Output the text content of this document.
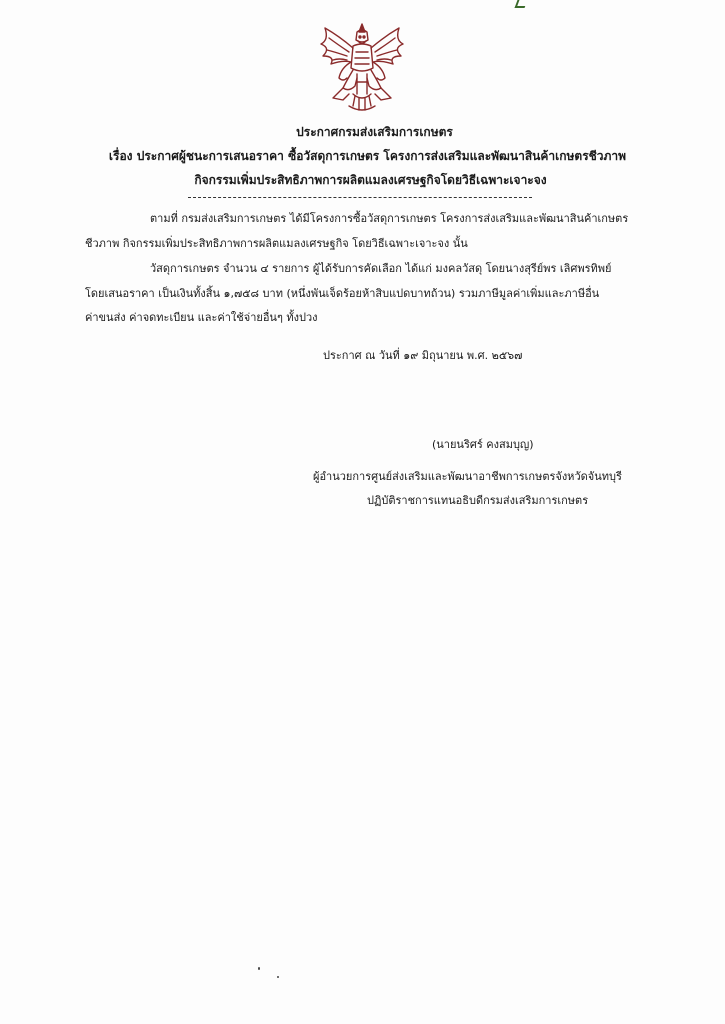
ประกาศกรมส่งเสริมการเกษตร
เรื่อง ประกาศผู้ชนะการเสนอราคา ซื้อวัสดุการเกษตร โครงการส่งเสริมและพัฒนาสินค้าเกษตรชีวภาพ
กิจกรรมเพิ่มประสิทธิภาพการผลิตแมลงเศรษฐกิจโดยวิธีเฉพาะเจาะจง
ตามที่ กรมส่งเสริมการเกษตร ได้มีโครงการซื้อวัสดุการเกษตร โครงการส่งเสริมและพัฒนาสินค้าเกษตร
ชีวภาพ กิจกรรมเพิ่มประสิทธิภาพการผลิตแมลงเศรษฐกิจ โดยวิธีเฉพาะเจาะจง นั้น
วัสดุการเกษตร จำนวน ๔ รายการ ผู้ได้รับการคัดเลือก ได้แก่ มงคลวัสดุ โดยนางสุรีย์พร เลิศพรทิพย์
โดยเสนอราคา เป็นเงินทั้งสิ้น ๑,๗๕๘ บาท (หนึ่งพันเจ็ดร้อยห้าสิบแปดบาทถ้วน) รวมภาษีมูลค่าเพิ่มและภาษีอื่น
ค่าขนส่ง ค่าจดทะเบียน และค่าใช้จ่ายอื่นๆ ทั้งปวง
ประกาศ ณ วันที่ ๑๙ มิถุนายน พ.ศ. ๒๕๖๗
(นายนริศร์ คงสมบุญ)
ผู้อำนวยการศูนย์ส่งเสริมและพัฒนาอาชีพการเกษตรจังหวัดจันทบุรี
ปฏิบัติราชการแทนอธิบดีกรมส่งเสริมการเกษตร
